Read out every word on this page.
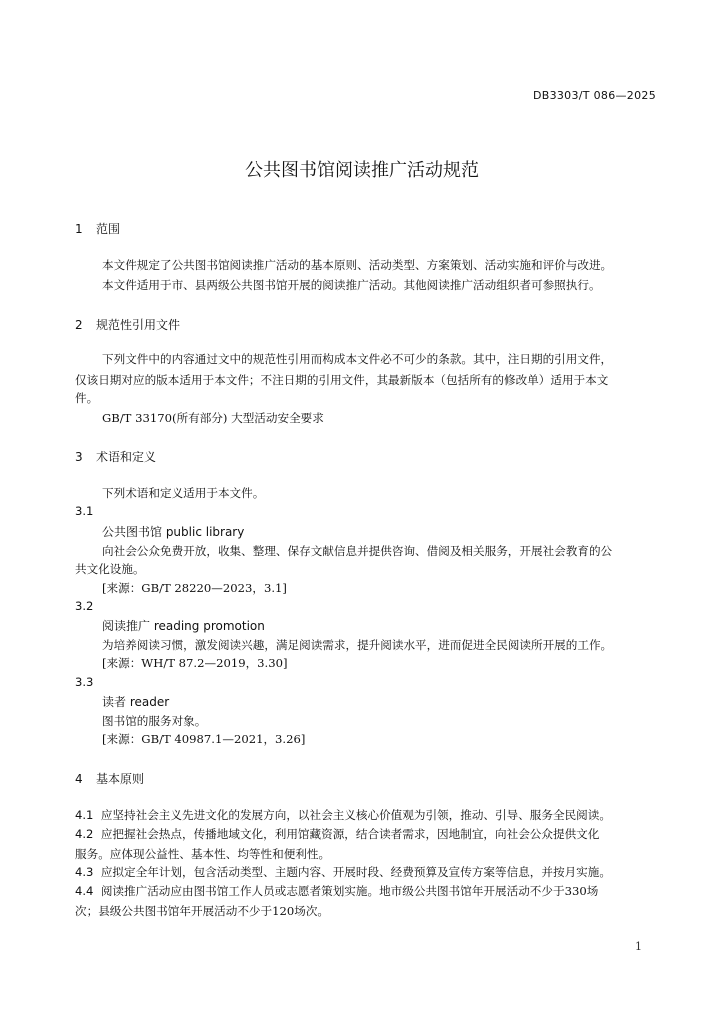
DB3303/T 086—2025
公共图书馆阅读推广活动规范
1 范围
本文件规定了公共图书馆阅读推广活动的基本原则、活动类型、方案策划、活动实施和评价与改进。
本文件适用于市、县两级公共图书馆开展的阅读推广活动。其他阅读推广活动组织者可参照执行。
2 规范性引用文件
下列文件中的内容通过文中的规范性引用而构成本文件必不可少的条款。其中，注日期的引用文件，
仅该日期对应的版本适用于本文件；不注日期的引用文件，其最新版本（包括所有的修改单）适用于本文
件。
GB/T 33170(所有部分) 大型活动安全要求
3 术语和定义
下列术语和定义适用于本文件。
3.1
公共图书馆 public library
向社会公众免费开放，收集、整理、保存文献信息并提供咨询、借阅及相关服务，开展社会教育的公
共文化设施。
[来源：GB/T 28220—2023，3.1]
3.2
阅读推广 reading promotion
为培养阅读习惯，激发阅读兴趣，满足阅读需求，提升阅读水平，进而促进全民阅读所开展的工作。
[来源：WH/T 87.2—2019，3.30]
3.3
读者 reader
图书馆的服务对象。
[来源：GB/T 40987.1—2021，3.26]
4 基本原则
4.1 应坚持社会主义先进文化的发展方向，以社会主义核心价值观为引领，推动、引导、服务全民阅读。
4.2 应把握社会热点，传播地域文化，利用馆藏资源，结合读者需求，因地制宜，向社会公众提供文化
服务。应体现公益性、基本性、均等性和便利性。
4.3 应拟定全年计划，包含活动类型、主题内容、开展时段、经费预算及宣传方案等信息，并按月实施。
4.4 阅读推广活动应由图书馆工作人员或志愿者策划实施。地市级公共图书馆年开展活动不少于330场
次；县级公共图书馆年开展活动不少于120场次。
1
